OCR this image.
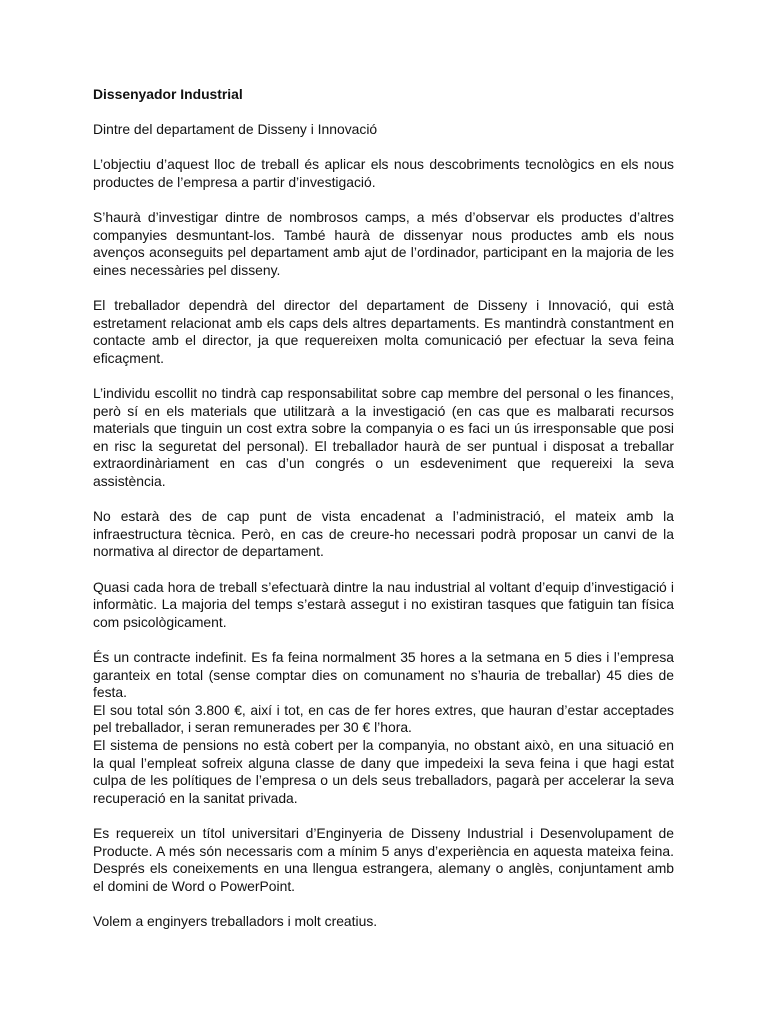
Dissenyador Industrial
Dintre del departament de Disseny i Innovació
L’objectiu d’aquest lloc de treball és aplicar els nous descobriments tecnològics en els nous productes de l’empresa a partir d’investigació.
S’haurà d’investigar dintre de nombrosos camps, a més d’observar els productes d’altres companyies desmuntant-los. També haurà de dissenyar nous productes amb els nous avenços aconseguits pel departament amb ajut de l’ordinador, participant en la majoria de les eines necessàries pel disseny.
El treballador dependrà del director del departament de Disseny i Innovació, qui està estretament relacionat amb els caps dels altres departaments. Es mantindrà constantment en contacte amb el director, ja que requereixen molta comunicació per efectuar la seva feina eficaçment.
L’individu escollit no tindrà cap responsabilitat sobre cap membre del personal o les finances, però sí en els materials que utilitzarà a la investigació (en cas que es malbarati recursos materials que tinguin un cost extra sobre la companyia o es faci un ús irresponsable que posi en risc la seguretat del personal). El treballador haurà de ser puntual i disposat a treballar extraordinàriament en cas d’un congrés o un esdeveniment que requereixi la seva assistència.
No estarà des de cap punt de vista encadenat a l’administració, el mateix amb la infraestructura tècnica. Però, en cas de creure-ho necessari podrà proposar un canvi de la normativa al director de departament.
Quasi cada hora de treball s’efectuarà dintre la nau industrial al voltant d’equip d’investigació i informàtic. La majoria del temps s’estarà assegut i no existiran tasques que fatiguin tan física com psicològicament.
És un contracte indefinit. Es fa feina normalment 35 hores a la setmana en 5 dies i l’empresa garanteix en total (sense comptar dies on comunament no s’hauria de treballar) 45 dies de festa.
El sou total són 3.800 €, així i tot, en cas de fer hores extres, que hauran d’estar acceptades pel treballador, i seran remunerades per 30 € l’hora.
El sistema de pensions no està cobert per la companyia, no obstant això, en una situació en la qual l’empleat sofreix alguna classe de dany que impedeixi la seva feina i que hagi estat culpa de les polítiques de l’empresa o un dels seus treballadors, pagarà per accelerar la seva recuperació en la sanitat privada.
Es requereix un títol universitari d’Enginyeria de Disseny Industrial i Desenvolupament de Producte. A més són necessaris com a mínim 5 anys d’experiència en aquesta mateixa feina. Després els coneixements en una llengua estrangera, alemany o anglès, conjuntament amb el domini de Word o PowerPoint.
Volem a enginyers treballadors i molt creatius.
